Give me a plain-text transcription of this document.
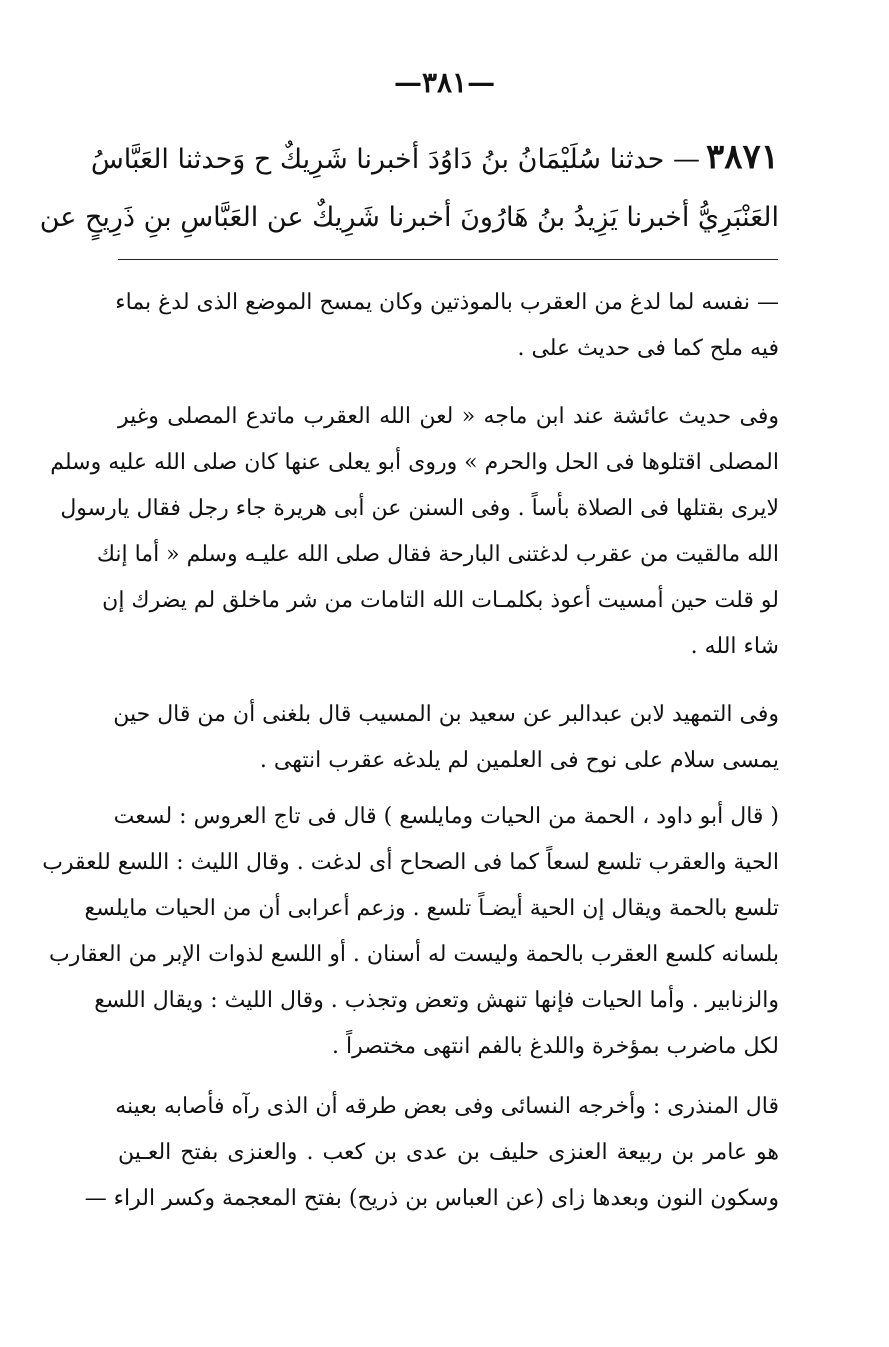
—٣٨١—
٣٨٧١— حدثنا سُلَيْمَانُ بنُ دَاوُدَ أخبرنا شَرِيكٌ ح وَحدثنا العَبَّاسُ
العَنْبَرِيُّ أخبرنا يَزِيدُ بنُ هَارُونَ أخبرنا شَرِيكٌ عن العَبَّاسِ بنِ ذَرِيحٍ عن
— نفسه لما لدغ من العقرب بالموذتين وكان يمسح الموضع الذى لدغ بماء
فيه ملح كما فى حديث على .
وفى حديث عائشة عند ابن ماجه « لعن الله العقرب ماتدع المصلى وغير
المصلى اقتلوها فى الحل والحرم » وروى أبو يعلى عنها كان صلى الله عليه وسلم
لايرى بقتلها فى الصلاة بأساً . وفى السنن عن أبى هريرة جاء رجل فقال يارسول
الله مالقيت من عقرب لدغتنى البارحة فقال صلى الله عليـه وسلم « أما إنك
لو قلت حين أمسيت أعوذ بكلمـات الله التامات من شر ماخلق لم يضرك إن
شاء الله .
وفى التمهيد لابن عبدالبر عن سعيد بن المسيب قال بلغنى أن من قال حين
يمسى سلام على نوح فى العلمين لم يلدغه عقرب انتهى .
( قال أبو داود ، الحمة من الحيات ومايلسع ) قال فى تاج العروس : لسعت
الحية والعقرب تلسع لسعاً كما فى الصحاح أى لدغت . وقال الليث : اللسع للعقرب
تلسع بالحمة ويقال إن الحية أيضـاً تلسع . وزعم أعرابى أن من الحيات مايلسع
بلسانه كلسع العقرب بالحمة وليست له أسنان . أو اللسع لذوات الإبر من العقارب
والزنابير . وأما الحيات فإنها تنهش وتعض وتجذب . وقال الليث : ويقال اللسع
لكل ماضرب بمؤخرة واللدغ بالفم انتهى مختصراً .
قال المنذرى : وأخرجه النسائى وفى بعض طرقه أن الذى رآه فأصابه بعينه
هو عامر بن ربيعة العنزى حليف بن عدى بن كعب . والعنزى بفتح العـين
وسكون النون وبعدها زاى (عن العباس بن ذريح) بفتح المعجمة وكسر الراء —
